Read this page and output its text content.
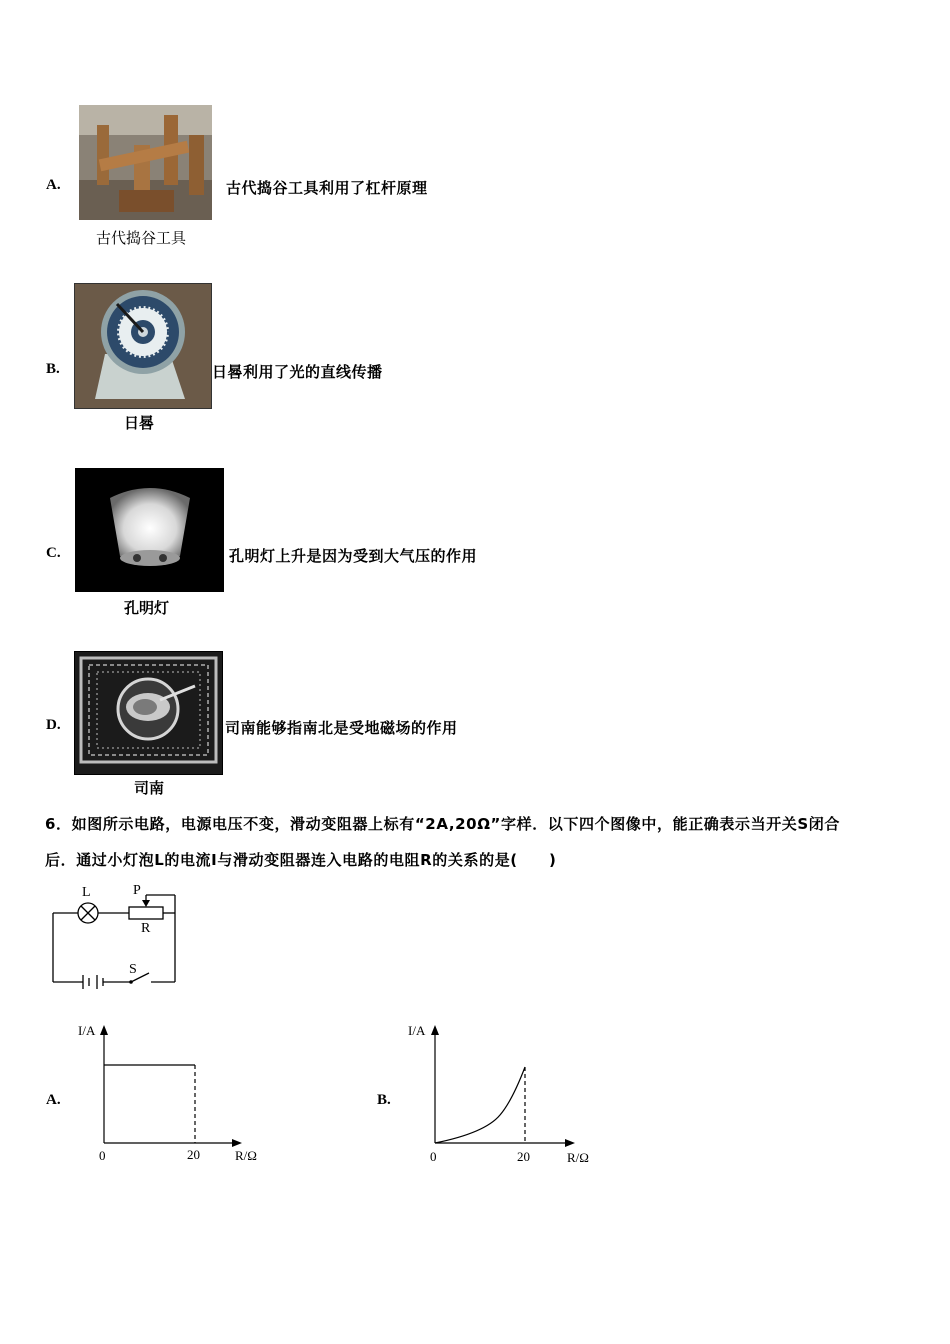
A.
古代捣谷工具
古代捣谷工具利用了杠杆原理
B.
日晷
日晷利用了光的直线传播
C.
孔明灯
孔明灯上升是因为受到大气压的作用
D.
司南
司南能够指南北是受地磁场的作用
6．如图所示电路，电源电压不变，滑动变阻器上标有“2A,20Ω”字样．以下四个图像中，能正确表示当开关S闭合
后．通过小灯泡L的电流I与滑动变阻器连入电路的电阻R的关系的是(　　)
L	P
R
S
A.
I/A
0	20	R/Ω
B.
I/A
0	20	R/Ω
